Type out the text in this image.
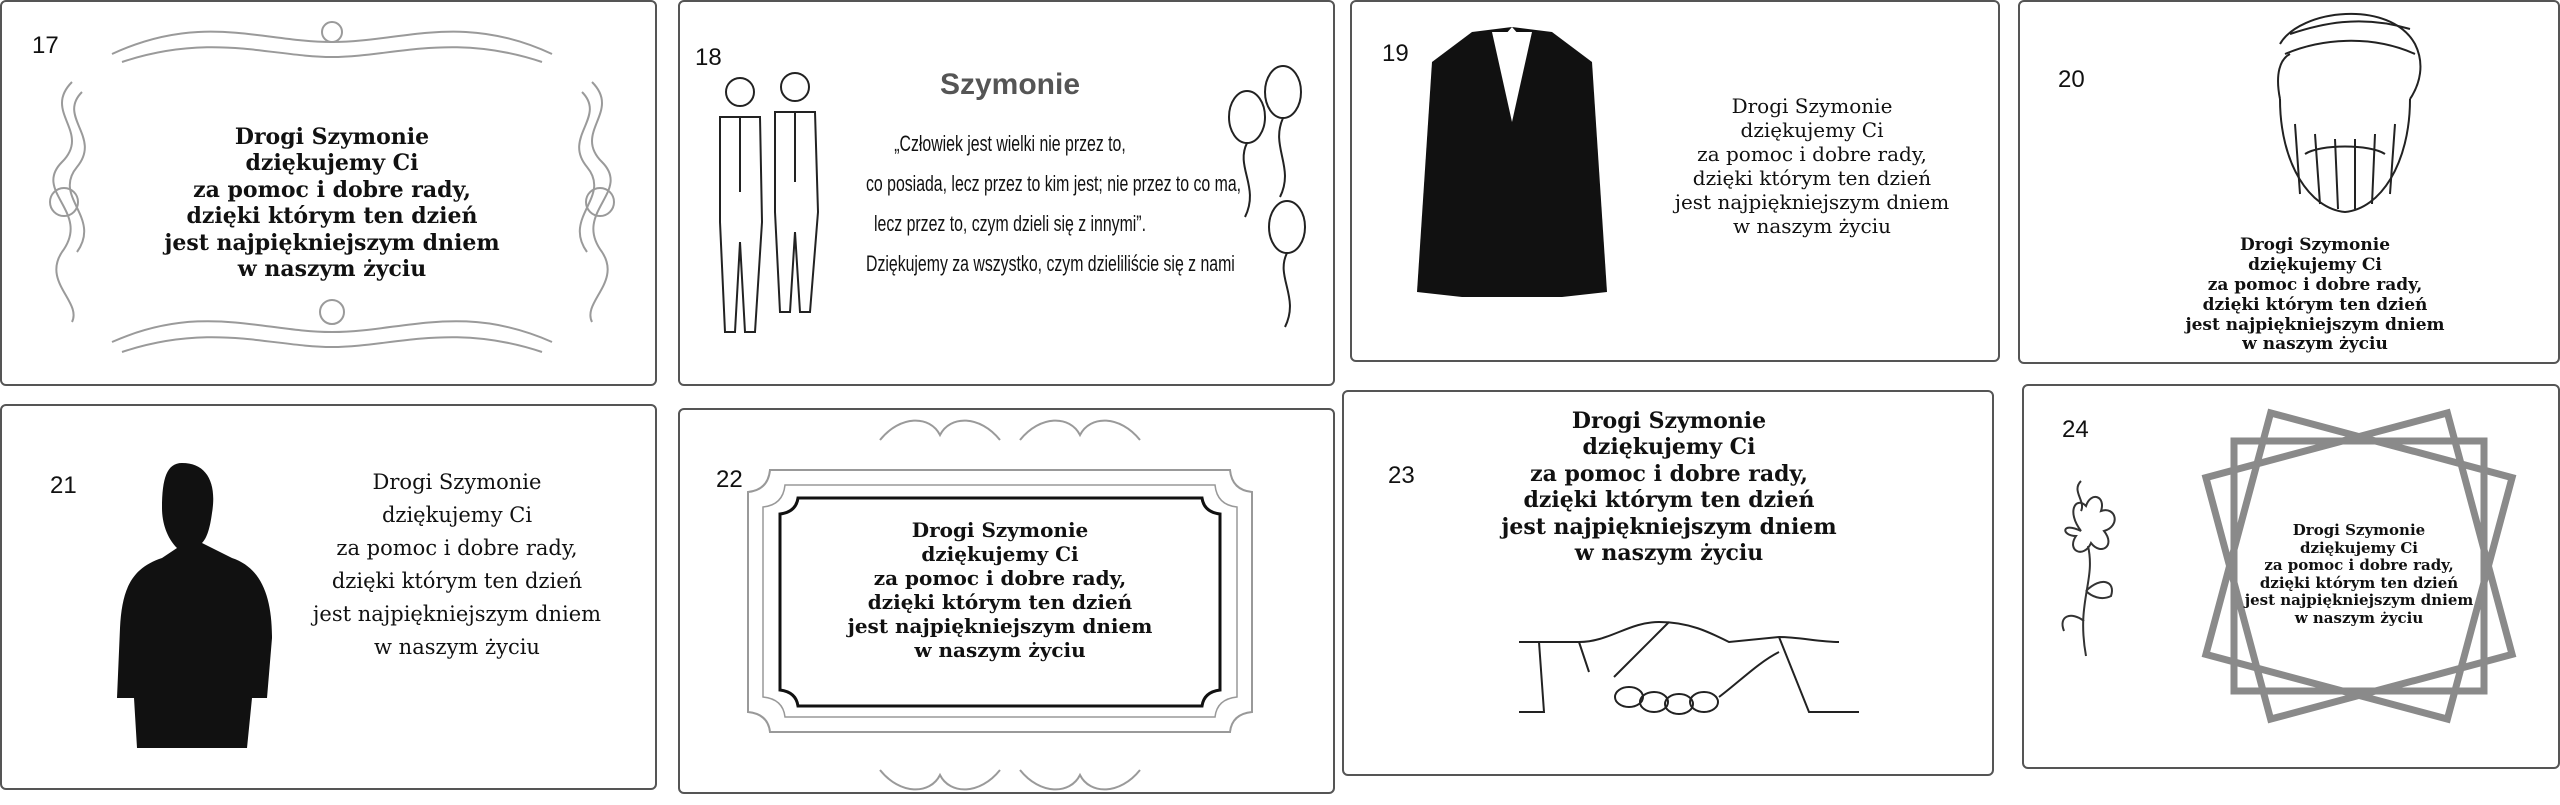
17
Drogi Szymonie
dziękujemy Ci
za pomoc i dobre rady,
dzięki którym ten dzień
jest najpiękniejszym dniem
w naszym życiu
18
Szymonie
„Człowiek jest wielki nie przez to,
co posiada, lecz przez to kim jest; nie przez to co ma,
lecz przez to, czym dzieli się z innymi”.
Dziękujemy za wszystko, czym dzieliliście się z nami
19
Drogi Szymonie
dziękujemy Ci
za pomoc i dobre rady,
dzięki którym ten dzień
jest najpiękniejszym dniem
w naszym życiu
20
Drogi Szymonie
dziękujemy Ci
za pomoc i dobre rady,
dzięki którym ten dzień
jest najpiękniejszym dniem
w naszym życiu
21	Drogi Szymonie
dziękujemy Ci
za pomoc i dobre rady,
dzięki którym ten dzień
jest najpiękniejszym dniem
w naszym życiu
22
Drogi Szymonie
dziękujemy Ci
za pomoc i dobre rady,
dzięki którym ten dzień
jest najpiękniejszym dniem
w naszym życiu
23
Drogi Szymonie
dziękujemy Ci
za pomoc i dobre rady,
dzięki którym ten dzień
jest najpiękniejszym dniem
w naszym życiu
24
Drogi Szymonie
dziękujemy Ci
za pomoc i dobre rady,
dzięki którym ten dzień
jest najpiękniejszym dniem
w naszym życiu
